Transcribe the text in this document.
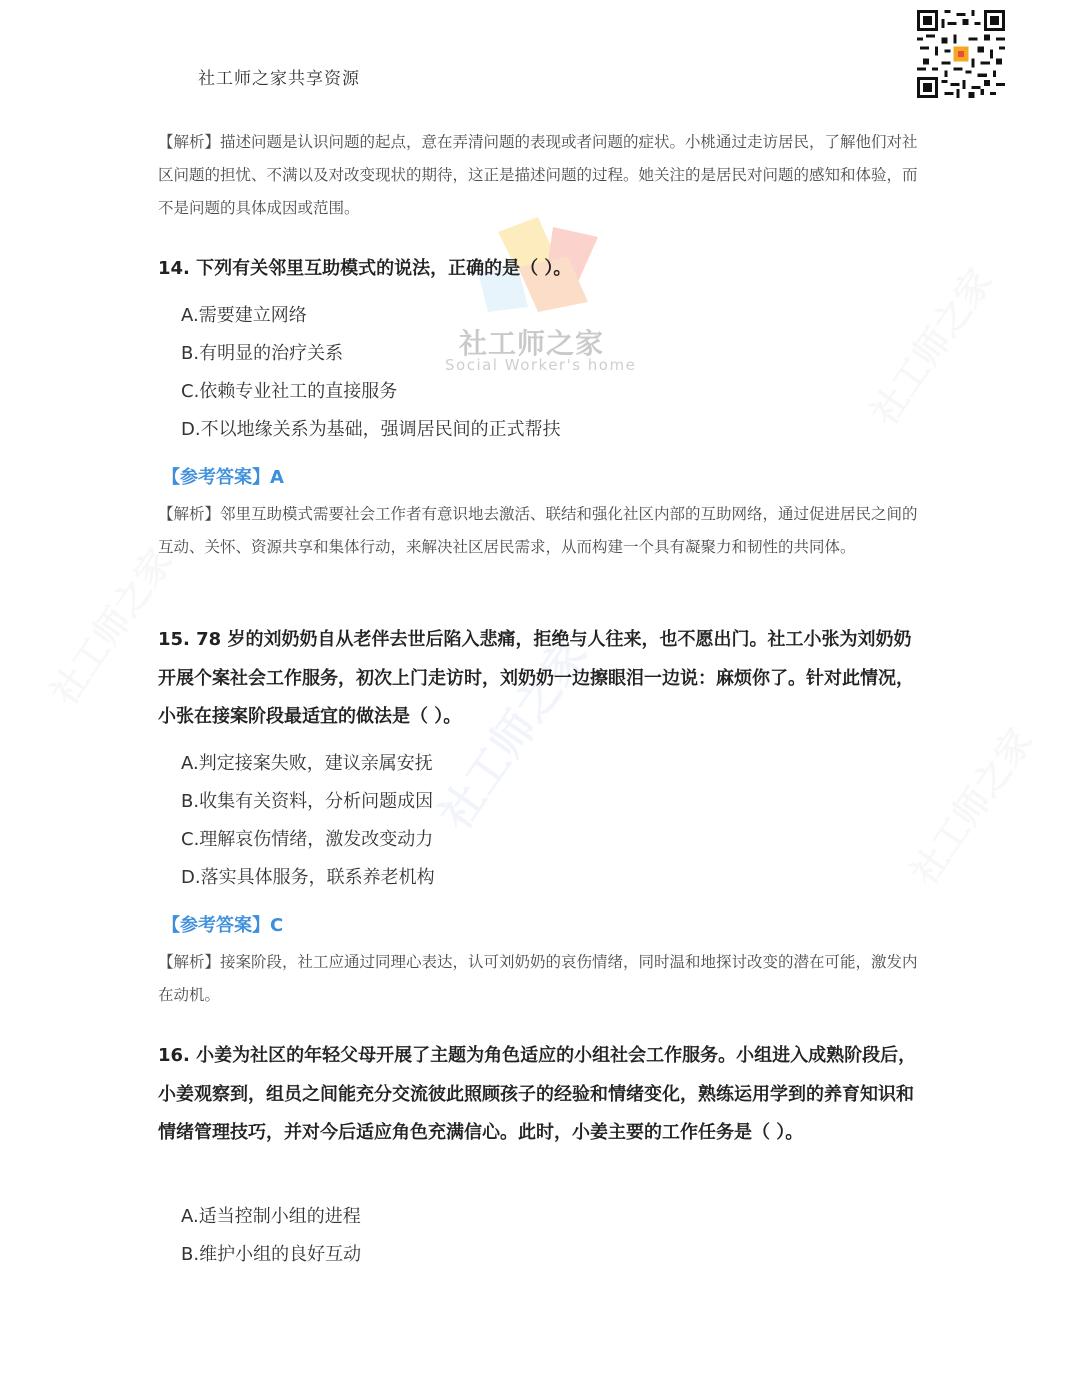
社工师之家共享资源
社工师之家
Social Worker's home
社工师之家
社工师之家
社工师之家
社工师之家
【解析】描述问题是认识问题的起点，意在弄清问题的表现或者问题的症状。小桃通过走访居民，了解他们对社区问题的担忧、不满以及对改变现状的期待，这正是描述问题的过程。她关注的是居民对问题的感知和体验，而不是问题的具体成因或范围。
14. 下列有关邻里互助模式的说法，正确的是（ ）。
A.需要建立网络
B.有明显的治疗关系
C.依赖专业社工的直接服务
D.不以地缘关系为基础，强调居民间的正式帮扶
【参考答案】A
【解析】邻里互助模式需要社会工作者有意识地去激活、联结和强化社区内部的互助网络，通过促进居民之间的互动、关怀、资源共享和集体行动，来解决社区居民需求，从而构建一个具有凝聚力和韧性的共同体。
15. 78 岁的刘奶奶自从老伴去世后陷入悲痛，拒绝与人往来，也不愿出门。社工小张为刘奶奶开展个案社会工作服务，初次上门走访时，刘奶奶一边擦眼泪一边说：麻烦你了。针对此情况，小张在接案阶段最适宜的做法是（ ）。
A.判定接案失败，建议亲属安抚
B.收集有关资料，分析问题成因
C.理解哀伤情绪，激发改变动力
D.落实具体服务，联系养老机构
【参考答案】C
【解析】接案阶段，社工应通过同理心表达，认可刘奶奶的哀伤情绪，同时温和地探讨改变的潜在可能，激发内在动机。
16. 小姜为社区的年轻父母开展了主题为角色适应的小组社会工作服务。小组进入成熟阶段后，小姜观察到，组员之间能充分交流彼此照顾孩子的经验和情绪变化，熟练运用学到的养育知识和情绪管理技巧，并对今后适应角色充满信心。此时，小姜主要的工作任务是（ ）。
A.适当控制小组的进程
B.维护小组的良好互动
